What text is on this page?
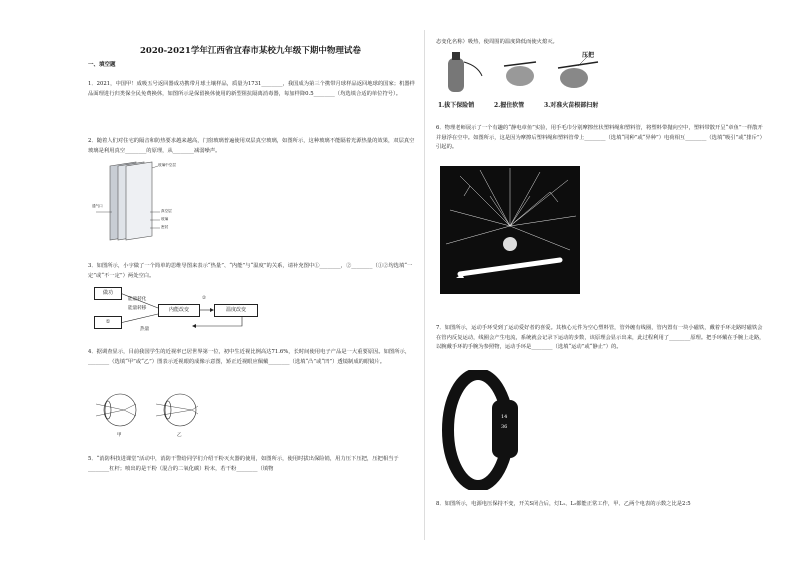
2020-2021学年江西省宜春市某校九年级下期中物理试卷
一、填空题
1．2021，中国甲！成吸五号返回器成功携带月球土壤样品，质量为1731________，我国成为第三个携带月球样品返回地球的国家；机器样品面理进行归类保全民免费换休，如图所示是保留换休使用的新型阻抗隔离消毒器，每加样降0.5________（均选填合适的单位符号）。
2．随着人们对住宅的隔音和防热要求越来越高，门窗玻璃普遍使用双层真空玻璃，如图所示，这种玻璃不能隔着光源热量的效果，双层真空玻璃是利用真空________的原理，从________减弱噪声。
玻璃中空层
通气口
真空层
玻璃
密封
3．如图所示，小宇做了一个简单的思维导图来表示“热量”、“内能”与“温度”的关系，请补充图中①________，②________（①②均选填“一定”或“不一定”）两处空白。
做功
①
内能改变	温度改变
能量转化
能量转移
②
热量
4．据调查显示，目前我国学生的近视率已居世界第一位，初中生近视比例高达71.6%，长时间使用电子产品是一大重要原因。如图所示，________（选填“甲”或“乙”）图表示近视眼的成像示意图，矫正近视眼应佩戴________（选填“凸”或“凹”）透镜制成的眼镜片。
甲	乙
5．“消防科技进课堂”活动中，消防干警给同学们介绍干粉灭火器的使用，如图所示，使用时拔出保险销，用力压下压把，压把相当于________杠杆；喷出的是干粉（混合的二氧化碳）粉末，若干粉________（填物
态变化名称）吸热，使周围的温度降低而使火熄灭。
压把
1.拔下保险销	2.握住软管	3.对准火苗根部扫射
6．物理老师展示了一个有趣的“静电章鱼”实验，用手毛巾分别摩擦丝状塑料绳和塑料管，将塑料带抛向空中，塑料带散开呈“章鱼”一样散开并悬浮在空中。如图所示，这是因为摩擦后塑料绳和塑料管带上________（选填“同种”或“异种”）电荷相互________（选填“吸引”或“排斥”）引起的。
7．如图所示，运动手环受到了运动爱好者的喜爱。其核心元件为空心塑料管，管外缠有线圈，管内置有一块小磁铁，戴着手环走路时磁铁会在管内反复运动，线圈会产生电流，系统就会记录下运动的步数，该原理会显示出来，此过程利用了________原理。把手环戴在手腕上走路，以腕戴手环的手腕为参照物，运动手环是________（选填“运动”或“静止”）的。
14
36
8．如图所示，电源电压保持不变，开关S闭合后，灯L₁、L₂都能正常工作，甲、乙两个电表的示数之比是2:5
